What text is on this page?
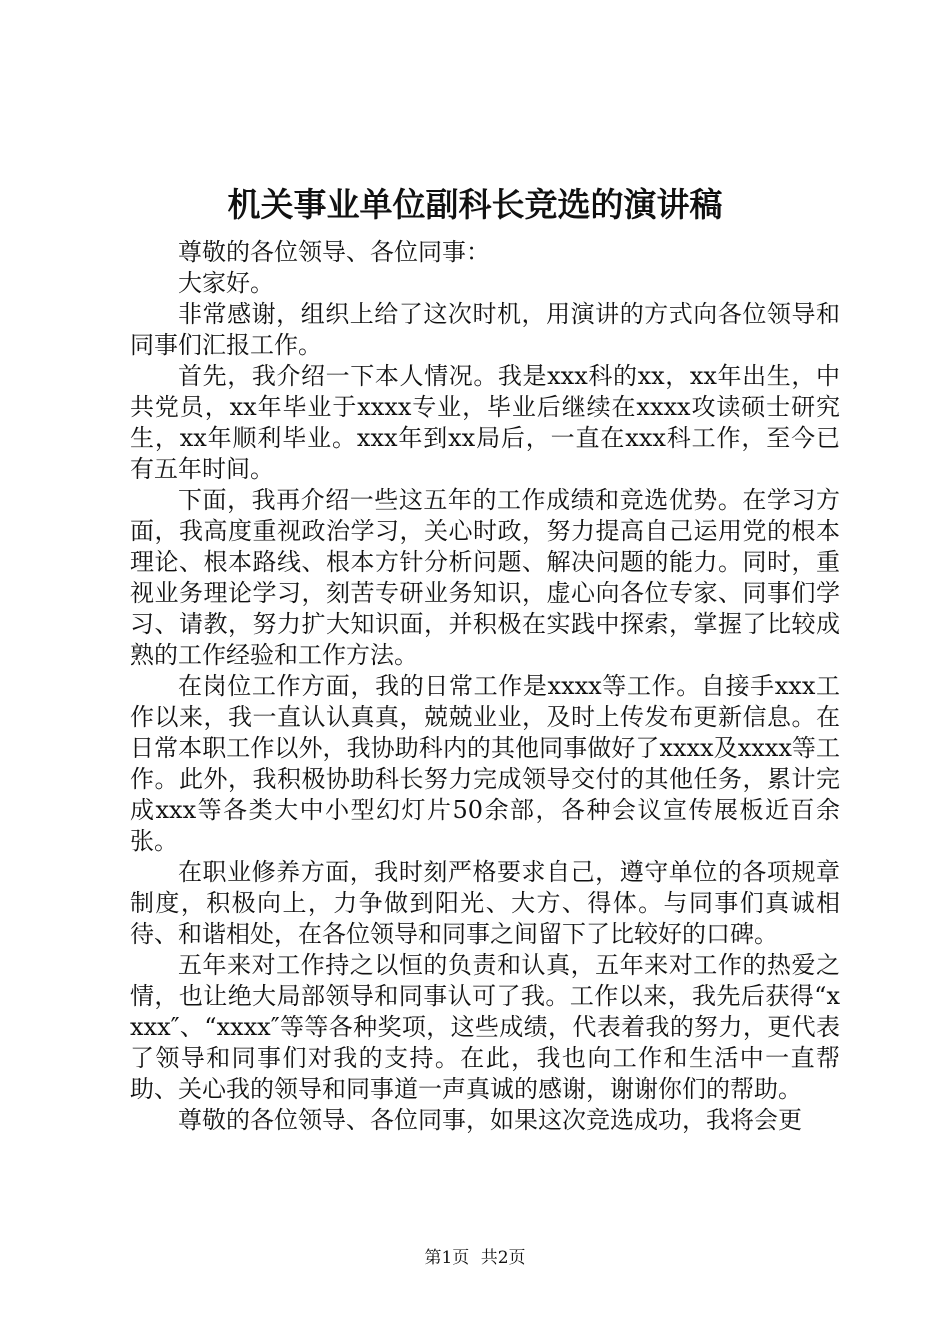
机关事业单位副科长竞选的演讲稿

尊敬的各位领导、各位同事：

大家好。

非常感谢，组织上给了这次时机，用演讲的方式向各位领导和同事们汇报工作。

首先，我介绍一下本人情况。我是xxx科的xx，xx年出生，中共党员，xx年毕业于xxxx专业，毕业后继续在xxxx攻读硕士研究生，xx年顺利毕业。xxx年到xx局后，一直在xxx科工作，至今已有五年时间。

下面，我再介绍一些这五年的工作成绩和竞选优势。在学习方面，我高度重视政治学习，关心时政，努力提高自己运用党的根本理论、根本路线、根本方针分析问题、解决问题的能力。同时，重视业务理论学习，刻苦专研业务知识，虚心向各位专家、同事们学习、请教，努力扩大知识面，并积极在实践中探索，掌握了比较成熟的工作经验和工作方法。

在岗位工作方面，我的日常工作是xxxx等工作。自接手xxx工作以来，我一直认认真真，兢兢业业，及时上传发布更新信息。在日常本职工作以外，我协助科内的其他同事做好了xxxx及xxxx等工作。此外，我积极协助科长努力完成领导交付的其他任务，累计完成xxx等各类大中小型幻灯片50余部，各种会议宣传展板近百余张。

在职业修养方面，我时刻严格要求自己，遵守单位的各项规章制度，积极向上，力争做到阳光、大方、得体。与同事们真诚相待、和谐相处，在各位领导和同事之间留下了比较好的口碑。

五年来对工作持之以恒的负责和认真，五年来对工作的热爱之情，也让绝大局部领导和同事认可了我。工作以来，我先后获得“xxxx″、“xxxx″等等各种奖项，这些成绩，代表着我的努力，更代表了领导和同事们对我的支持。在此，我也向工作和生活中一直帮助、关心我的领导和同事道一声真诚的感谢，谢谢你们的帮助。

尊敬的各位领导、各位同事，如果这次竞选成功，我将会更

第1页 共2页
